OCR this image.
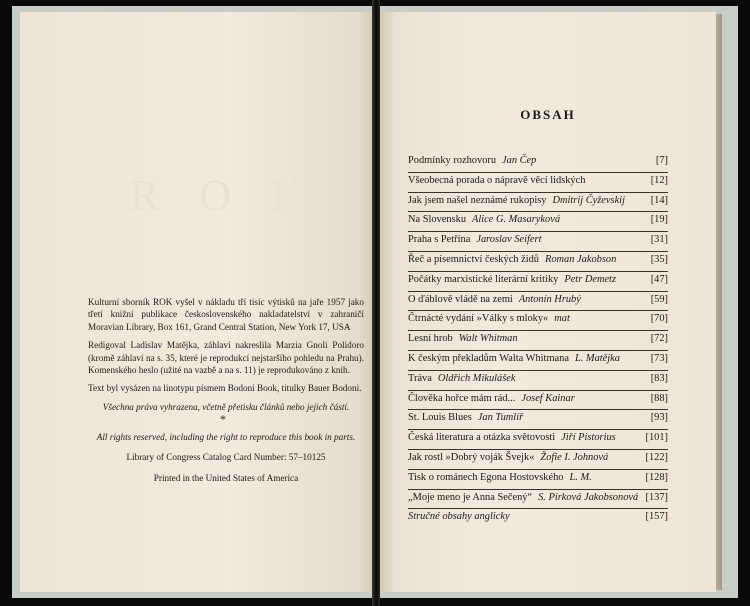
ROK

Kulturní sborník ROK vyšel v nákladu tří tisíc výtisků na jaře 1957 jako třetí knižní publikace československého nakladatelství v zahraničí Moravian Library, Box 161, Grand Central Station, New York 17, USA

Redigoval Ladislav Matějka, záhlaví nakreslila Marzia Gnoli Polidoro (kromě záhlaví na s. 35, které je reprodukcí nejstaršího pohledu na Prahu). Komenského heslo (užité na vazbě a na s. 11) je reprodukováno z knih.

Text byl vysázen na linotypu písmem Bodoni Book, titulky Bauer Bodoni.

Všechna práva vyhrazena, včetně přetisku článků nebo jejich částí.

*
All rights reserved, including the right to reproduce this book in parts.
Library of Congress Catalog Card Number: 57–10125
Printed in the United States of America
OBSAH
Podmínky rozhovoru Jan Čep	[7]
Všeobecná porada o nápravě věcí lidských	[12]
Jak jsem našel neznámé rukopisy Dmitrij Čyževskij [14]
Na Slovensku Alice G. Masaryková	[19]
Praha s Petřína Jaroslav Seifert	[31]
Řeč a písemnictví českých židů Roman Jakobson	[35]
Počátky marxistické literární kritiky Petr Demetz	[47]
O ďáblově vládě na zemi Antonín Hrubý	[59]
Čtrnácté vydání »Války s mloky« mat	[70]
Lesní hrob Walt Whitman	[72]
K českým překladům Walta Whitmana L. Matějka	[73]
Tráva Oldřich Mikulášek	[83]
Člověka hořce mám rád... Josef Kainar	[88]
St. Louis Blues Jan Tumlíř	[93]
Česká literatura a otázka světovosti Jiří Pistorius	[101]
Jak rostl »Dobrý voják Švejk« Žofie I. Johnová	[122]
Tisk o románech Egona Hostovského L. M.	[128]
„Moje meno je Anna Sečený“ S. Pirková Jakobsonová [137]
Stručné obsahy anglicky	[157]
